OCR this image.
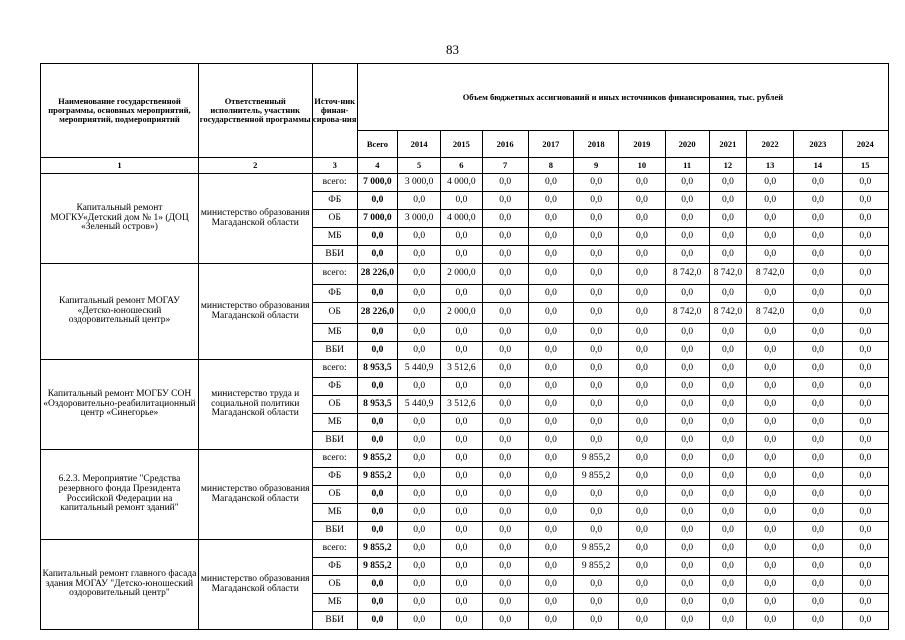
83
Наименование государственной программы, основных мероприятий, мероприятий, подмероприятий	Ответственный исполнитель, участник государственной программы	Источ-ник финан-сирова-ния	Объем бюджетных ассигнований и иных источников финансирования, тыс. рублей											
			Всего	2014	2015	2016	2017	2018	2019	2020	2021	2022	2023	2024
1	2	3	4	5	6	7	8	9	10	11	12	13	14	15
Капитальный ремонт МОГКУ«Детский дом № 1» (ДОЦ «Зеленый остров»)	министерство образования Магаданской области	всего:	7 000,0	3 000,0	4 000,0	0,0	0,0	0,0	0,0	0,0	0,0	0,0	0,0	0,0
		ФБ	0,0	0,0	0,0	0,0	0,0	0,0	0,0	0,0	0,0	0,0	0,0	0,0
		ОБ	7 000,0	3 000,0	4 000,0	0,0	0,0	0,0	0,0	0,0	0,0	0,0	0,0	0,0
		МБ	0,0	0,0	0,0	0,0	0,0	0,0	0,0	0,0	0,0	0,0	0,0	0,0
		ВБИ	0,0	0,0	0,0	0,0	0,0	0,0	0,0	0,0	0,0	0,0	0,0	0,0
Капитальный ремонт МОГАУ «Детско-юношеский оздоровительный центр»	министерство образования Магаданской области	всего:	28 226,0	0,0	2 000,0	0,0	0,0	0,0	0,0	8 742,0	8 742,0	8 742,0	0,0	0,0
		ФБ	0,0	0,0	0,0	0,0	0,0	0,0	0,0	0,0	0,0	0,0	0,0	0,0
		ОБ	28 226,0	0,0	2 000,0	0,0	0,0	0,0	0,0	8 742,0	8 742,0	8 742,0	0,0	0,0
		МБ	0,0	0,0	0,0	0,0	0,0	0,0	0,0	0,0	0,0	0,0	0,0	0,0
		ВБИ	0,0	0,0	0,0	0,0	0,0	0,0	0,0	0,0	0,0	0,0	0,0	0,0
Капитальный ремонт МОГБУ СОН «Оздоровительно-реабилитационный центр «Синегорье»	министерство труда и социальной политики Магаданской области	всего:	8 953,5	5 440,9	3 512,6	0,0	0,0	0,0	0,0	0,0	0,0	0,0	0,0	0,0
		ФБ	0,0	0,0	0,0	0,0	0,0	0,0	0,0	0,0	0,0	0,0	0,0	0,0
		ОБ	8 953,5	5 440,9	3 512,6	0,0	0,0	0,0	0,0	0,0	0,0	0,0	0,0	0,0
		МБ	0,0	0,0	0,0	0,0	0,0	0,0	0,0	0,0	0,0	0,0	0,0	0,0
		ВБИ	0,0	0,0	0,0	0,0	0,0	0,0	0,0	0,0	0,0	0,0	0,0	0,0
6.2.3. Мероприятие "Средства резервного фонда Президента Российской Федерации на капитальный ремонт зданий"	министерство образования Магаданской области	всего:	9 855,2	0,0	0,0	0,0	0,0	9 855,2	0,0	0,0	0,0	0,0	0,0	0,0
		ФБ	9 855,2	0,0	0,0	0,0	0,0	9 855,2	0,0	0,0	0,0	0,0	0,0	0,0
		ОБ	0,0	0,0	0,0	0,0	0,0	0,0	0,0	0,0	0,0	0,0	0,0	0,0
		МБ	0,0	0,0	0,0	0,0	0,0	0,0	0,0	0,0	0,0	0,0	0,0	0,0
		ВБИ	0,0	0,0	0,0	0,0	0,0	0,0	0,0	0,0	0,0	0,0	0,0	0,0
Капитальный ремонт главного фасада здания МОГАУ "Детско-юношеский оздоровительный центр"	министерство образования Магаданской области	всего:	9 855,2	0,0	0,0	0,0	0,0	9 855,2	0,0	0,0	0,0	0,0	0,0	0,0
		ФБ	9 855,2	0,0	0,0	0,0	0,0	9 855,2	0,0	0,0	0,0	0,0	0,0	0,0
		ОБ	0,0	0,0	0,0	0,0	0,0	0,0	0,0	0,0	0,0	0,0	0,0	0,0
		МБ	0,0	0,0	0,0	0,0	0,0	0,0	0,0	0,0	0,0	0,0	0,0	0,0
		ВБИ	0,0	0,0	0,0	0,0	0,0	0,0	0,0	0,0	0,0	0,0	0,0	0,0
